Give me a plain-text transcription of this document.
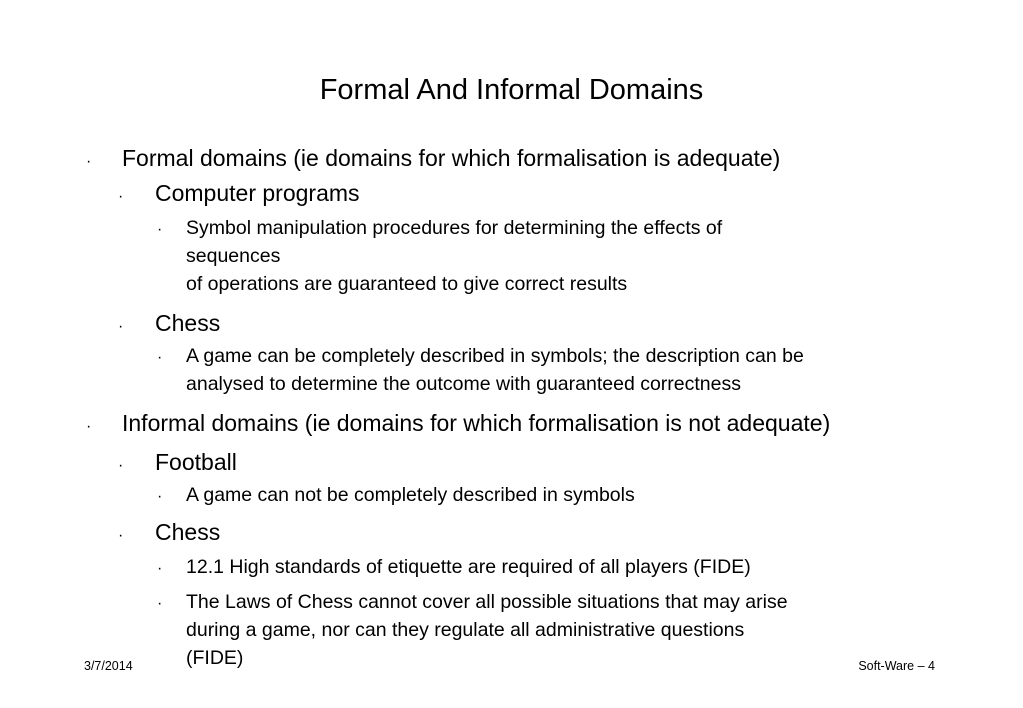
Formal And Informal Domains
· Formal domains (ie domains for which formalisation is adequate)
· Computer programs
· Symbol manipulation procedures for determining the effects of
sequences
of operations are guaranteed to give correct results
· Chess
· A game can be completely described in symbols; the description can be
analysed to determine the outcome with guaranteed correctness
· Informal domains (ie domains for which formalisation is not adequate)
· Football
· A game can not be completely described in symbols
· Chess
· 12.1 High standards of etiquette are required of all players (FIDE)
· The Laws of Chess cannot cover all possible situations that may arise
during a game, nor can they regulate all administrative questions
(FIDE)
3/7/2014	Soft-Ware – 4
